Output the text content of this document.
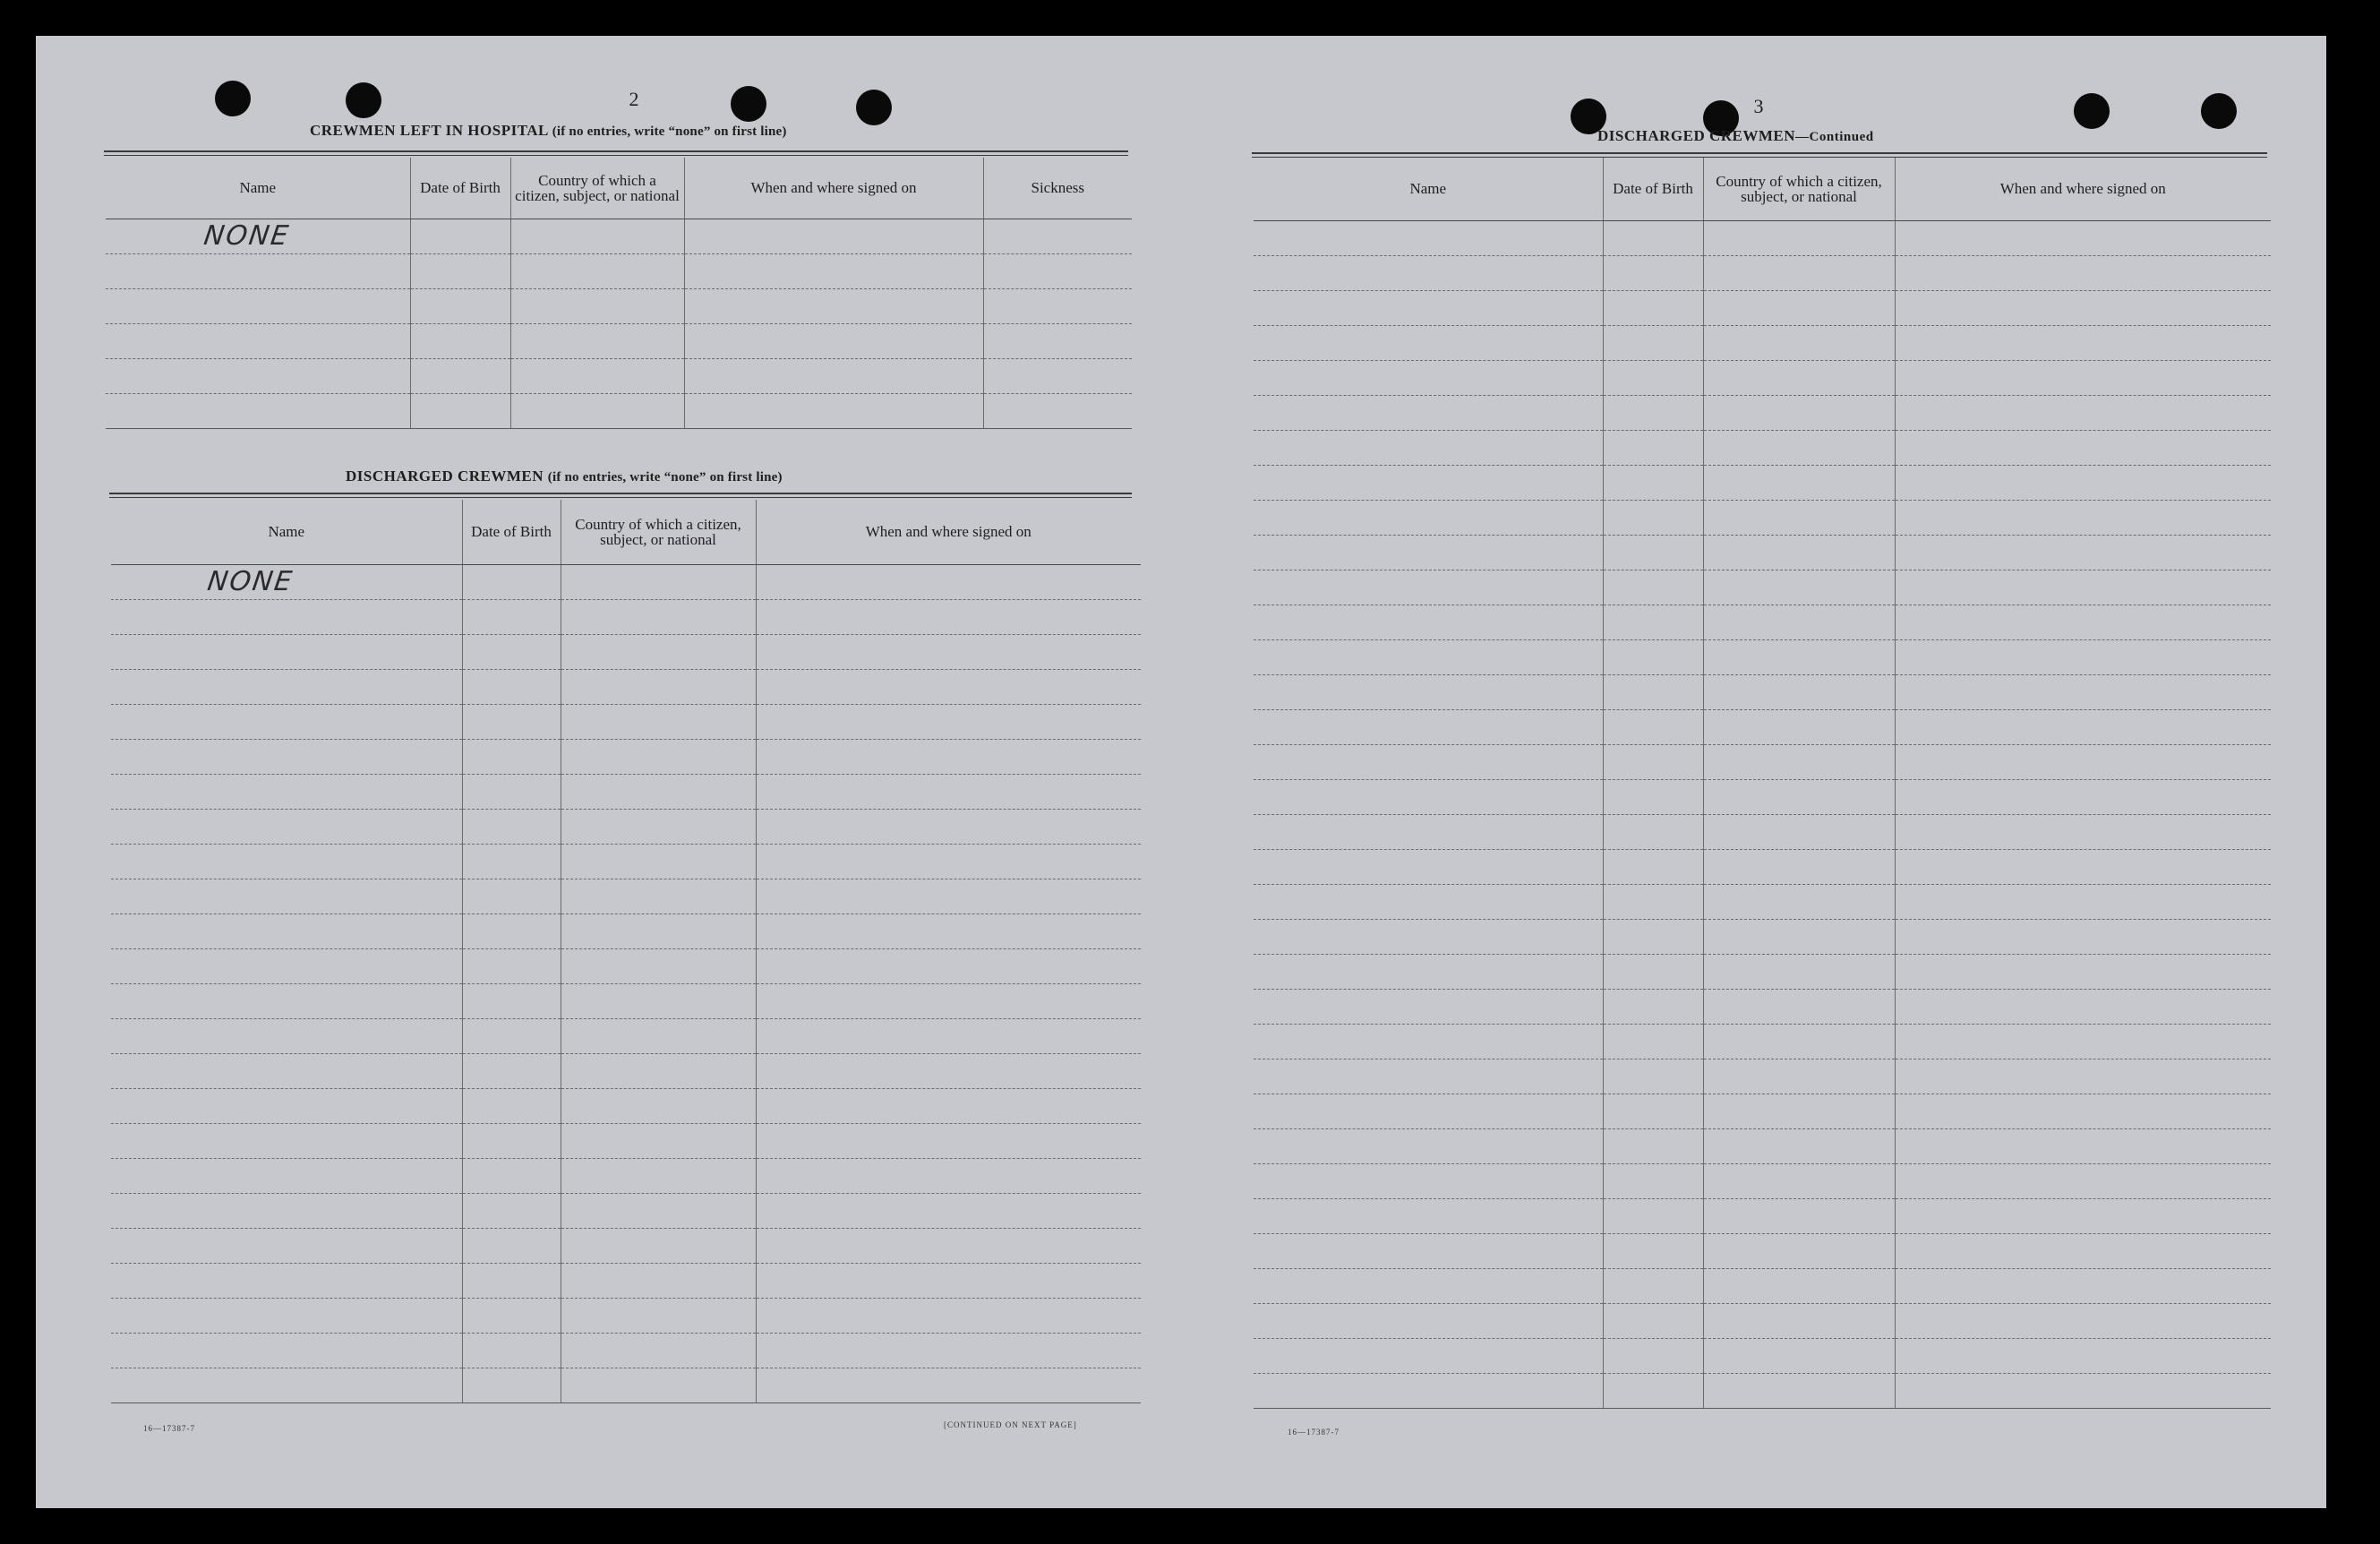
2
CREWMEN LEFT IN HOSPITAL (if no entries, write “none” on first line)
Name	Date of Birth	Country of which a citizen, subject, or national	When and where signed on	Sickness

NONE				

DISCHARGED CREWMEN (if no entries, write “none” on first line)
Name	Date of Birth	Country of which a citizen, subject, or national	When and where signed on

NONE			

16—17387-7	[CONTINUED ON NEXT PAGE]
3
DISCHARGED CREWMEN—Continued
Name	Date of Birth	Country of which a citizen, subject, or national	When and where signed on

16—17387-7
